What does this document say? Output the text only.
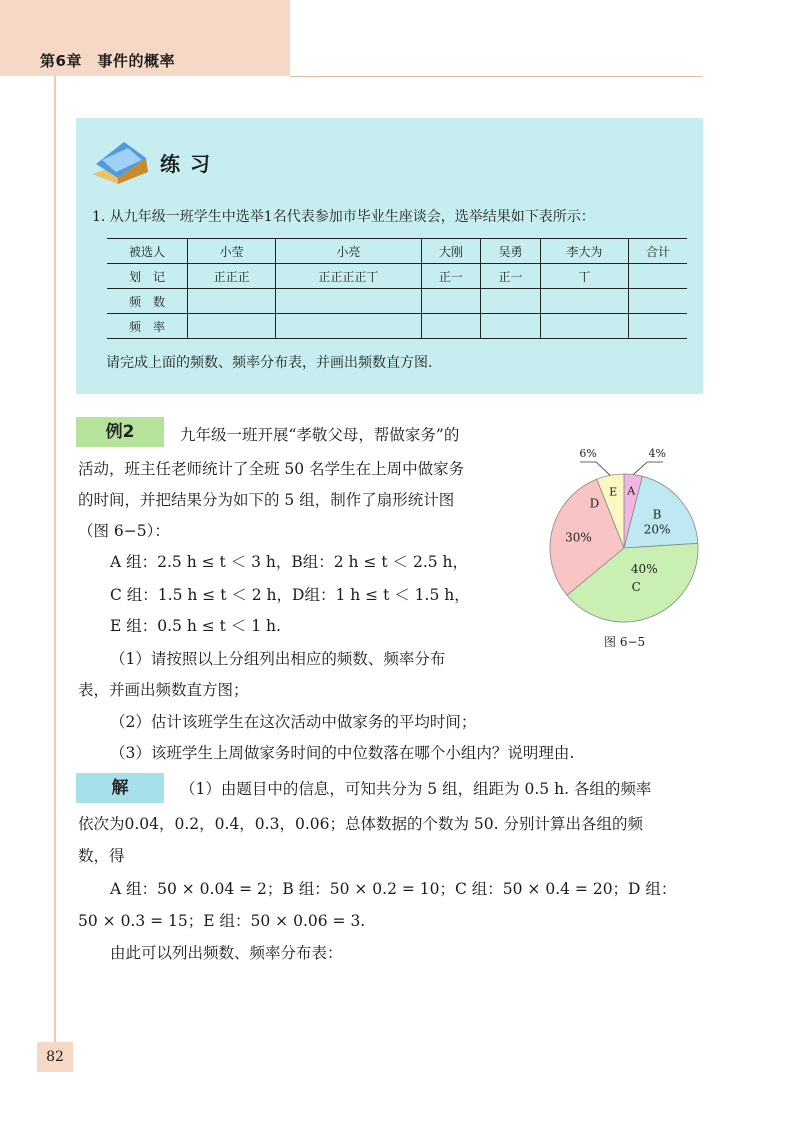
第6章　事件的概率
练习
1. 从九年级一班学生中选举1名代表参加市毕业生座谈会，选举结果如下表所示：
被选人	小莹	小亮	大刚	吴勇	李大为	合计
划　记	正正正	正正正正丅	正一	正一	丅	
频　数						
频　率						
请完成上面的频数、频率分布表，并画出频数直方图.
例2	九年级一班开展“孝敬父母，帮做家务”的
活动，班主任老师统计了全班 50 名学生在上周中做家务
的时间，并把结果分为如下的 5 组，制作了扇形统计图
（图 6−5）：
A 组：2.5 h ≤ t ＜ 3 h，B组：2 h ≤ t ＜ 2.5 h，
C 组：1.5 h ≤ t ＜ 2 h，D组：1 h ≤ t ＜ 1.5 h，
E 组：0.5 h ≤ t ＜ 1 h.
（1）请按照以上分组列出相应的频数、频率分布
表，并画出频数直方图；
（2）估计该班学生在这次活动中做家务的平均时间；
（3）该班学生上周做家务时间的中位数落在哪个小组内？说明理由.
B
20%
40%
C
D
30%
A
4%
E
6%
图 6−5
解	（1）由题目中的信息，可知共分为 5 组，组距为 0.5 h. 各组的频率
依次为0.04，0.2，0.4，0.3，0.06；总体数据的个数为 50. 分别计算出各组的频
数，得
A 组：50 × 0.04 = 2；B 组：50 × 0.2 = 10；C 组：50 × 0.4 = 20；D 组：
50 × 0.3 = 15；E 组：50 × 0.06 = 3.
由此可以列出频数、频率分布表：
82
